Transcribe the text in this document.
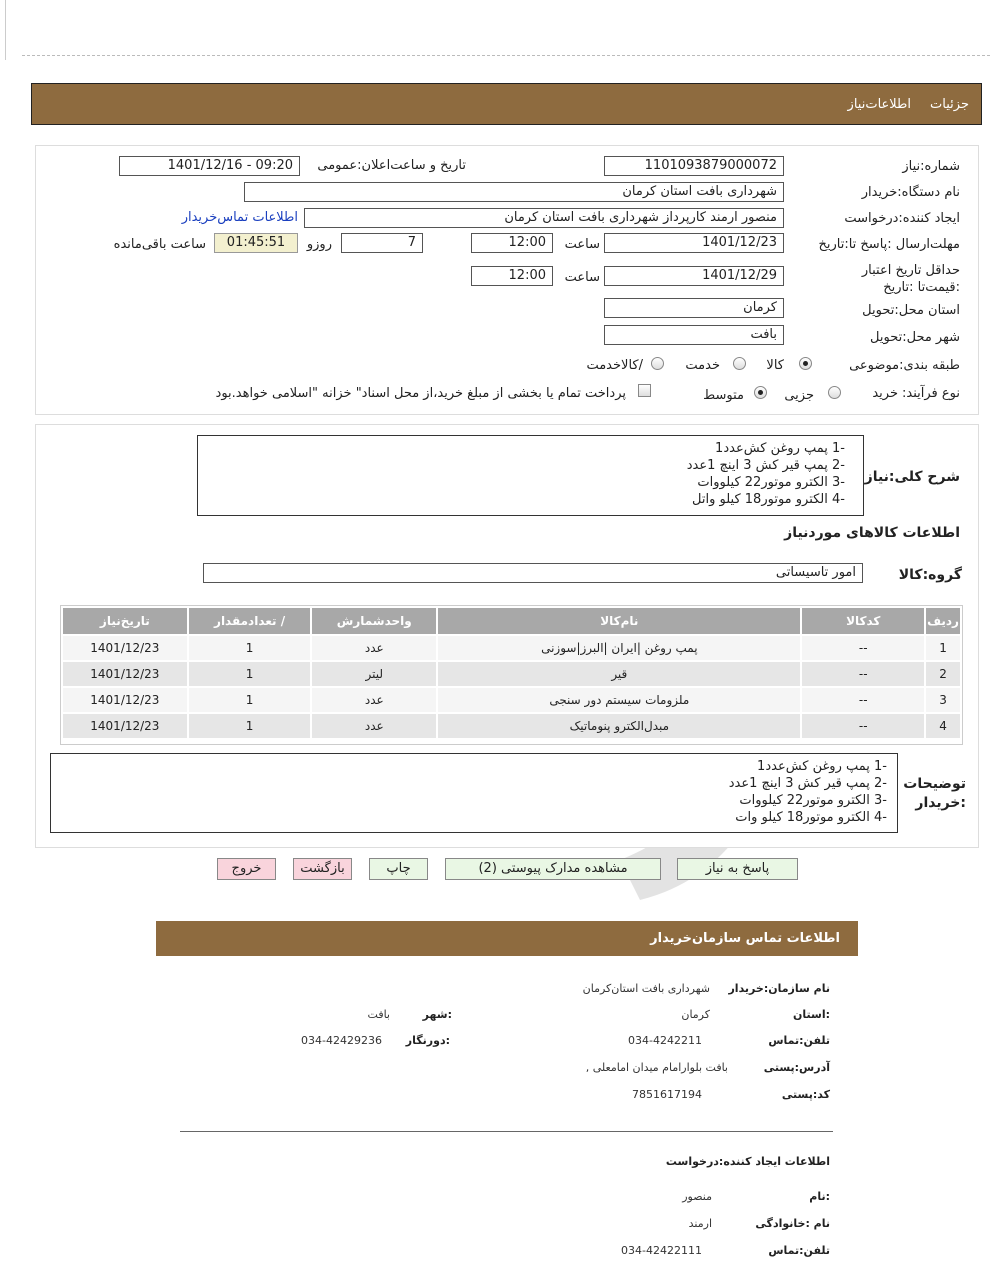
جزئیات
اطلاعات‌نیاز
شماره‌:نیاز
1101093879000072
تاریخ و ساعت‌اعلان‌:عمومی
1401/12/16 - 09:20
نام دستگاه‌:خریدار
شهرداری بافت استان کرمان
ایجاد کننده‌:درخواست
منصور ارمند کارپرداز شهرداری بافت استان کرمان
اطلاعات تماس‌خریدار
مهلت‌ارسال :پاسخ تا:تاریخ
1401/12/23
ساعت
12:00
7
روزو
01:45:51
ساعت باقی‌مانده
حداقل تاریخ اعتبار :قیمت‌تا :تاریخ
1401/12/29
ساعت
12:00
استان محل‌:تحویل
کرمان
شهر محل‌:تحویل
بافت
طبقه بندی‌:موضوعی
کالا
خدمت
/کالاخدمت
نوع فرآیند:
خرید
جزیی
متوسط
پرداخت تمام یا بخشی از مبلغ خرید،از محل اسناد" خزانه "اسلامی خواهد.بود
شرح کلی:نیاز
-1 پمپ روغن کش‌عدد1
-2 پمپ قیر کش 3 اینچ 1عدد
-3 الکترو موتور22 کیلووات
-4 الکترو موتور18 کیلو واتل
اطلاعات کالاهای موردنیاز
گروه:کالا
امور تاسیساتی
ردیف	کدکالا	نام‌کالا	واحدشمارش	/ تعدادمقدار	تاریخ‌نیاز
1	--	پمپ روغن |ایران |البرز|سوزنی	عدد	1	1401/12/23
2	--	قیر	لیتر	1	1401/12/23
3	--	ملزومات سیستم دور سنجی	عدد	1	1401/12/23
4	--	مبدل‌الکترو پنوماتیک	عدد	1	1401/12/23
توضیحات
:خریدار
-1 پمپ روغن کش‌عدد1
-2 پمپ قیر کش 3 اینچ 1عدد
-3 الکترو موتور22 کیلووات
-4 الکترو موتور18 کیلو وات
پاسخ به نیاز
مشاهده مدارک پیوستی (2)
چاپ
بازگشت
خروج
اطلاعات تماس سازمان‌خریدار
نام سازمان‌:خریدار
شهرداری بافت استان‌کرمان
:استان
کرمان
:شهر
بافت
تلفن‌:تماس
034-4242211
:دورنگار
034-42429236
آدرس‌:پستی
بافت بلوارامام میدان امامعلی ,
کد:پستی
7851617194
اطلاعات ایجاد کننده‌:درخواست
:نام
منصور
نام :خانوادگی
ارمند
تلفن‌:تماس
034-42422111
